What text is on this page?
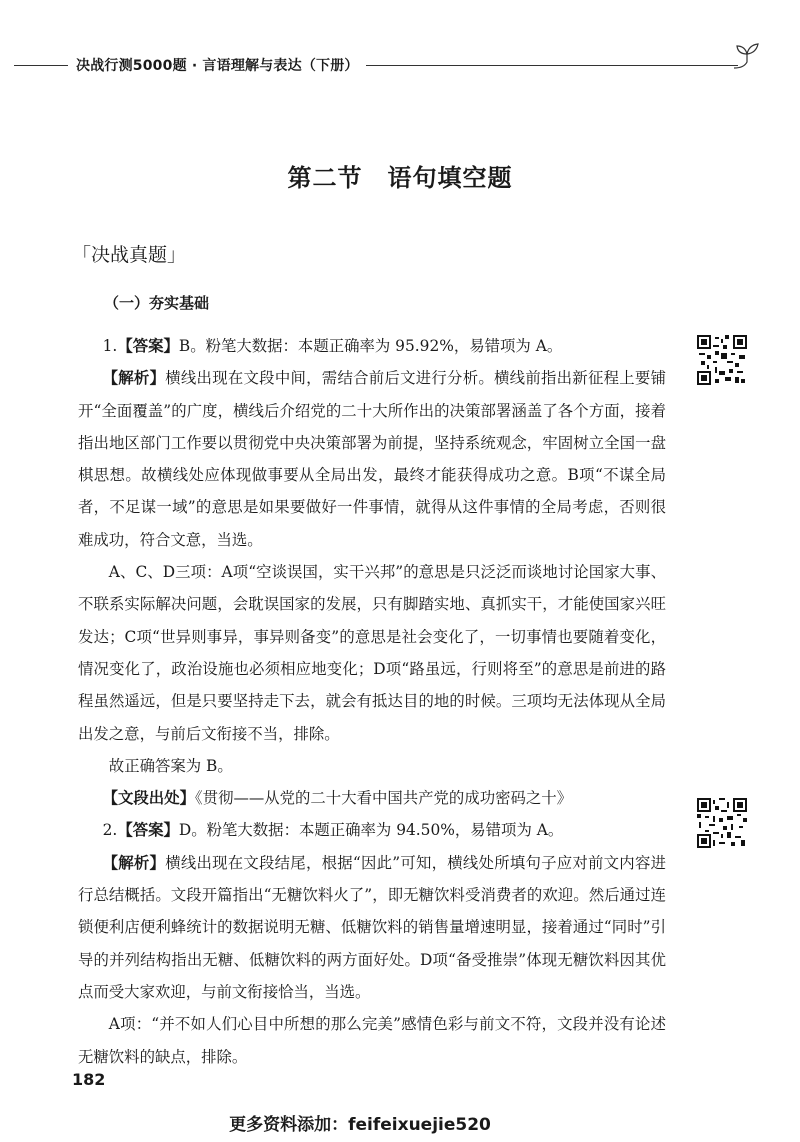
决战行测5000题 · 言语理解与表达（下册）
第二节　语句填空题
「决战真题」
（一）夯实基础

1.【答案】B。粉笔大数据：本题正确率为 95.92%，易错项为 A。

【解析】横线出现在文段中间，需结合前后文进行分析。横线前指出新征程上要铺开“全面覆盖”的广度，横线后介绍党的二十大所作出的决策部署涵盖了各个方面，接着指出地区部门工作要以贯彻党中央决策部署为前提，坚持系统观念，牢固树立全国一盘棋思想。故横线处应体现做事要从全局出发，最终才能获得成功之意。B项“不谋全局者，不足谋一域”的意思是如果要做好一件事情，就得从这件事情的全局考虑，否则很难成功，符合文意，当选。

A、C、D三项：A项“空谈误国，实干兴邦”的意思是只泛泛而谈地讨论国家大事、不联系实际解决问题，会耽误国家的发展，只有脚踏实地、真抓实干，才能使国家兴旺发达；C项“世异则事异，事异则备变”的意思是社会变化了，一切事情也要随着变化，情况变化了，政治设施也必须相应地变化；D项“路虽远，行则将至”的意思是前进的路程虽然遥远，但是只要坚持走下去，就会有抵达目的地的时候。三项均无法体现从全局出发之意，与前后文衔接不当，排除。

故正确答案为 B。

【文段出处】《贯彻——从党的二十大看中国共产党的成功密码之十》

2.【答案】D。粉笔大数据：本题正确率为 94.50%，易错项为 A。

【解析】横线出现在文段结尾，根据“因此”可知，横线处所填句子应对前文内容进行总结概括。文段开篇指出“无糖饮料火了”，即无糖饮料受消费者的欢迎。然后通过连锁便利店便利蜂统计的数据说明无糖、低糖饮料的销售量增速明显，接着通过“同时”引导的并列结构指出无糖、低糖饮料的两方面好处。D项“备受推崇”体现无糖饮料因其优点而受大家欢迎，与前文衔接恰当，当选。

A项：“并不如人们心目中所想的那么完美”感情色彩与前文不符，文段并没有论述无糖饮料的缺点，排除。

182
更多资料添加：feifeixuejie520
